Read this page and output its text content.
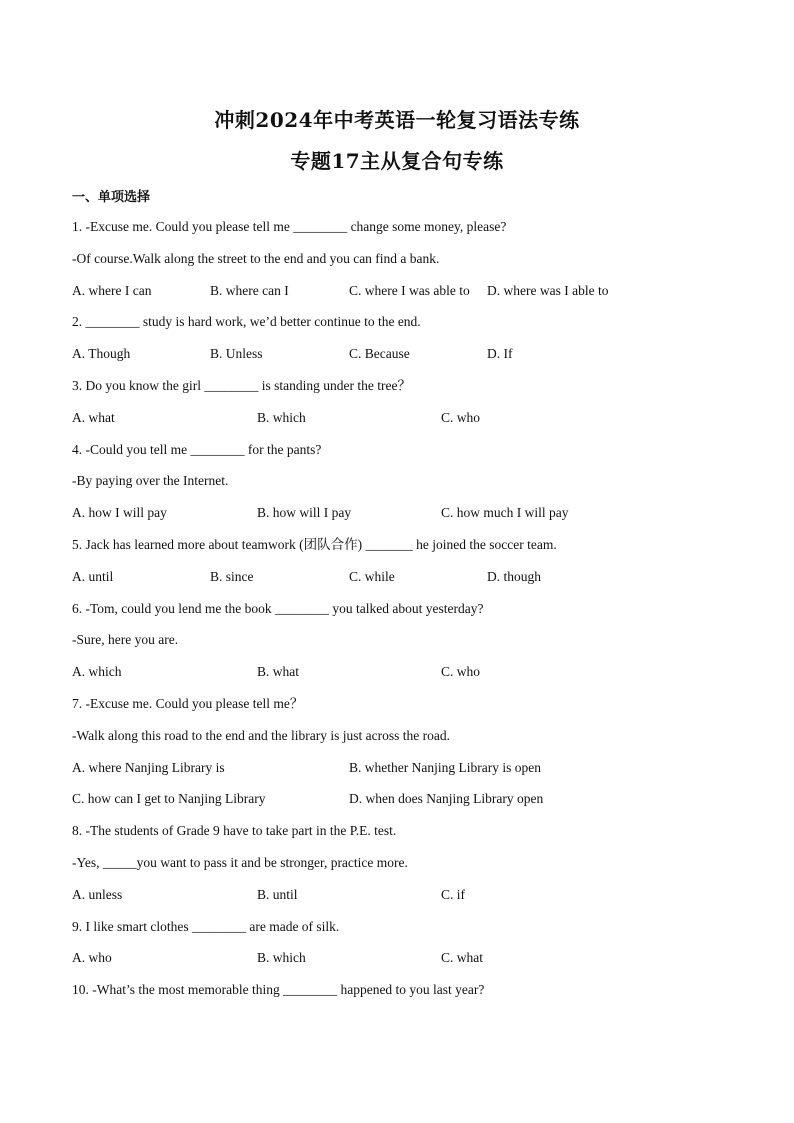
冲刺2024年中考英语一轮复习语法专练
专题17主从复合句专练
一、单项选择
1. -Excuse me. Could you please tell me ________ change some money, please?
-Of course.Walk along the street to the end and you can find a bank.
A. where I can	B. where can I	C. where I was able to D. where was I able to
2. ________ study is hard work, we’d better continue to the end.
A. Though	B. Unless	C. Because	D. If
3. Do you know the girl ________ is standing under the tree？
A. what	B. which	C. who
4. -Could you tell me ________ for the pants?
-By paying over the Internet.
A. how I will pay	B. how will I pay	C. how much I will pay
5. Jack has learned more about teamwork (团队合作) _______ he joined the soccer team.
A. until	B. since	C. while	D. though
6. -Tom, could you lend me the book ________ you talked about yesterday?
-Sure, here you are.
A. which	B. what	C. who
7. -Excuse me. Could you please tell me？
-Walk along this road to the end and the library is just across the road.
A. where Nanjing Library is	B. whether Nanjing Library is open
C. how can I get to Nanjing Library	D. when does Nanjing Library open
8. -The students of Grade 9 have to take part in the P.E. test.
-Yes, _____you want to pass it and be stronger, practice more.
A. unless	B. until	C. if
9. I like smart clothes ________ are made of silk.
A. who	B. which	C. what
10. -What’s the most memorable thing ________ happened to you last year?
